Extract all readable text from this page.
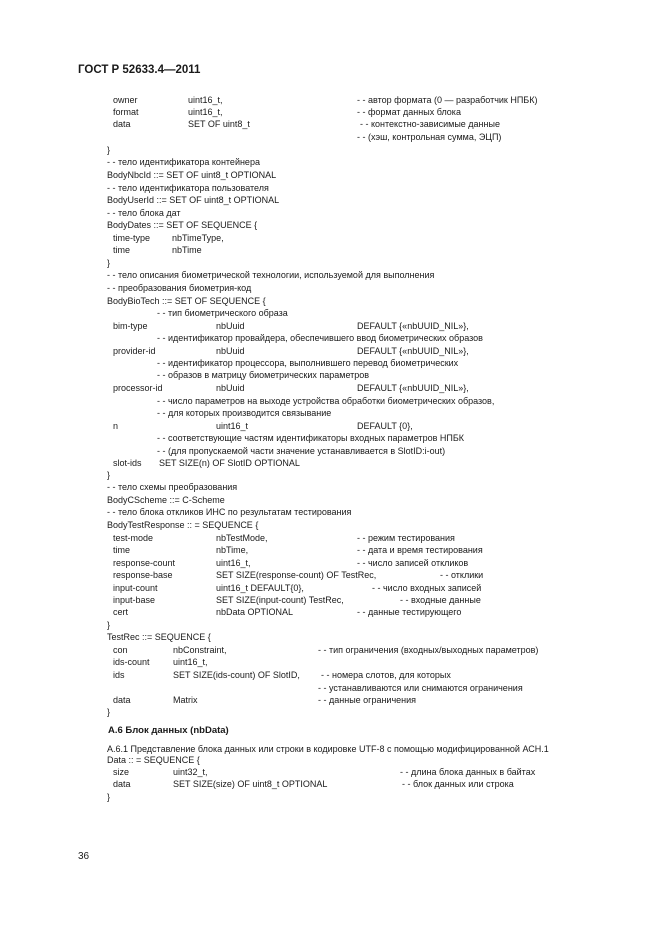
ГОСТ Р 52633.4—2011
owner	uint16_t,	- - автор формата (0 — разработчик НПБК)
format	uint16_t,	- - формат данных блока
data	SET OF uint8_t	- - контекстно-зависимые данные
- - (хэш, контрольная сумма, ЭЦП)
}
- - тело идентификатора контейнера
BodyNbcId ::= SET OF uint8_t OPTIONAL
- - тело идентификатора пользователя
BodyUserId ::= SET OF uint8_t OPTIONAL
- - тело блока дат
BodyDates ::= SET OF SEQUENCE {
time-type nbTimeType,
time	nbTime
}
- - тело описания биометрической технологии, используемой для выполнения
- - преобразования биометрия-код
BodyBioTech ::= SET OF SEQUENCE {
- - тип биометрического образа
bim-type	nbUuid	DEFAULT {«nbUUID_NIL»},
- - идентификатор провайдера, обеспечившего ввод биометрических образов
provider-id	nbUuid	DEFAULT {«nbUUID_NIL»},
- - идентификатор процессора, выполнившего перевод биометрических
- - образов в матрицу биометрических параметров
processor-id	nbUuid	DEFAULT {«nbUUID_NIL»},
- - число параметров на выходе устройства обработки биометрических образов,
- - для которых производится связывание
n	uint16_t	DEFAULT {0},
- - соответствующие частям идентификаторы входных параметров НПБК
- - (для пропускаемой части значение устанавливается в SlotID:i-out)
slot-ids SET SIZE(n) OF SlotID OPTIONAL
}
- - тело схемы преобразования
BodyCScheme ::= C-Scheme
- - тело блока откликов ИНС по результатам тестирования
BodyTestResponse :: = SEQUENCE {
test-mode	nbTestMode,	- - режим тестирования
time	nbTime,	- - дата и время тестирования
response-count	uint16_t,	- - число записей откликов
response-base	SET SIZE(response-count) OF TestRec,	- - отклики
input-count	uint16_t DEFAULT{0},	- - число входных записей
input-base	SET SIZE(input-count) TestRec,	- - входные данные
cert	nbData OPTIONAL	- - данные тестирующего
}
TestRec ::= SEQUENCE {
con	nbConstraint,	- - тип ограничения (входных/выходных параметров)
ids-count	uint16_t,
ids	SET SIZE(ids-count) OF SlotID, - - номера слотов, для которых
- - устанавливаются или снимаются ограничения
data	Matrix	- - данные ограничения
}
А.6 Блок данных (nbData)
A.6.1 Представление блока данных или строки в кодировке UTF-8 с помощью модифицированной АСН.1
Data :: = SEQUENCE {
size	uint32_t,	- - длина блока данных в байтах
data	SET SIZE(size) OF uint8_t OPTIONAL	- - блок данных или строка
}
36
